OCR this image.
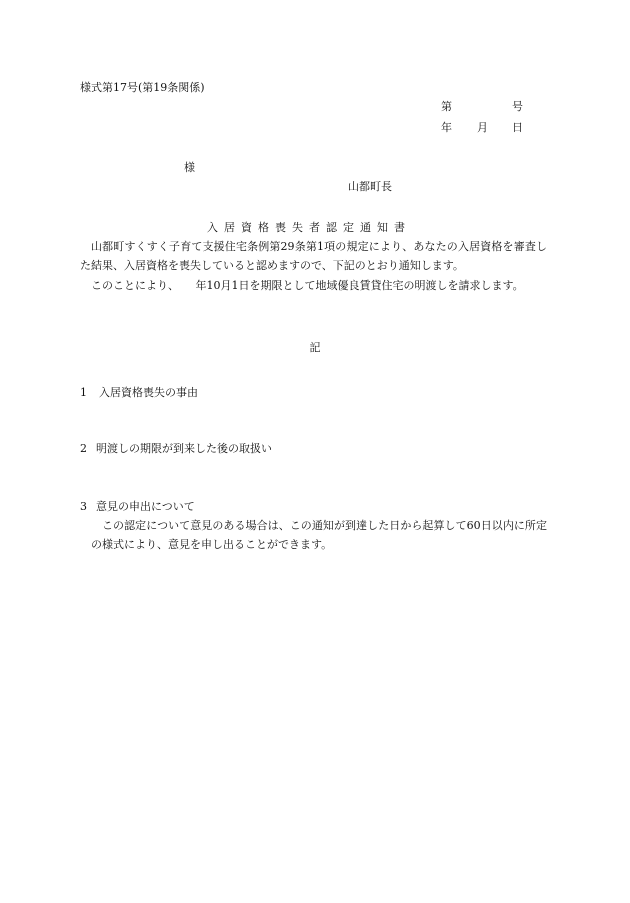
様式第17号(第19条関係)

第	号

年 月 日

様

山都町長

入居資格喪失者認定通知書

山都町すくすく子育て支援住宅条例第29条第1項の規定により、あなたの入居資格を審査した結果、入居資格を喪失していると認めますので、下記のとおり通知します。

このことにより、　　年10月1日を期限として地域優良賃貸住宅の明渡しを請求します。

記

1 入居資格喪失の事由

2 明渡しの期限が到来した後の取扱い

3 意見の申出について

この認定について意見のある場合は、この通知が到達した日から起算して60日以内に所定の様式により、意見を申し出ることができます。
